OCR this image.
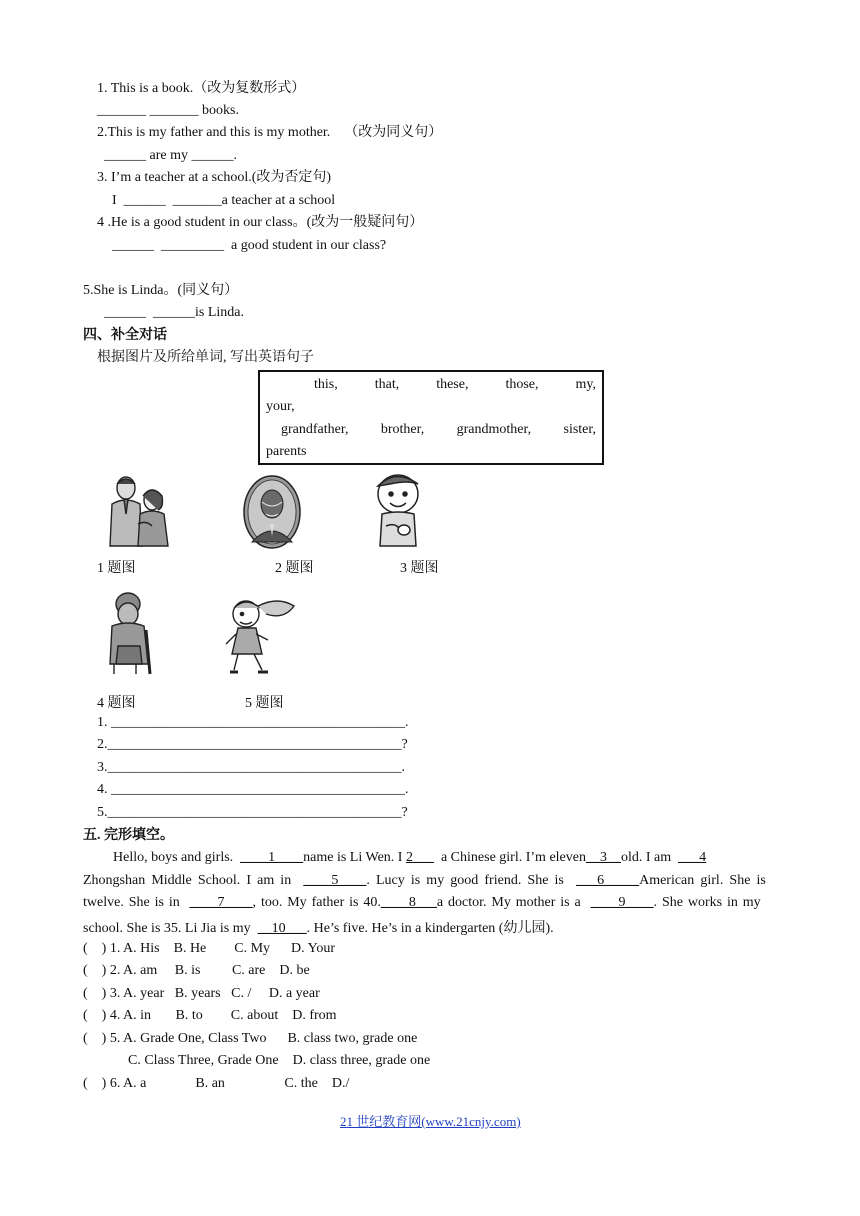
1. This is a book.（改为复数形式）
_______ _______ books.
2.This is my father and this is my mother.    （改为同义句）
______ are my ______.
3. I’m a teacher at a school.(改为否定句)
I  ______  _______a teacher at a school
4 .He is a good student in our class。(改为一般疑问句）
______  _________  a good student in our class?
5.She is Linda。(同义句）
______  ______is Linda.
四、补全对话
根据图片及所给单词, 写出英语句子
this,	that,	these,	those,	my,
your,
grandfather, brother, grandmother, sister,
parents
1 题图	2 题图	3 题图
4 题图	5 题图
1. __________________________________________.
2.__________________________________________?
3.__________________________________________.
4. __________________________________________.
5.__________________________________________?
五. 完形填空。
Hello, boys and girls.  ____1____name is Li Wen. I 2___  a Chinese girl. I’m eleven__3__old. I am  ___4
Zhongshan Middle School. I am in  ____5____. Lucy is my good friend. She is  ___6_____American girl. She is
twelve. She is in  ____7____, too. My father is 40.____8___a doctor. My mother is a  ____9____. She works in my
school. She is 35. Li Jia is my  __10___. He’s five. He’s in a kindergarten (幼儿园).
(    ) 1. A. His    B. He        C. My      D. Your
(    ) 2. A. am     B. is         C. are    D. be
(    ) 3. A. year   B. years   C. /     D. a year
(    ) 4. A. in       B. to        C. about    D. from
(    ) 5. A. Grade One, Class Two      B. class two, grade one
C. Class Three, Grade One    D. class three, grade one
(    ) 6. A. a              B. an                 C. the    D./
21 世纪教育网(www.21cnjy.com)
